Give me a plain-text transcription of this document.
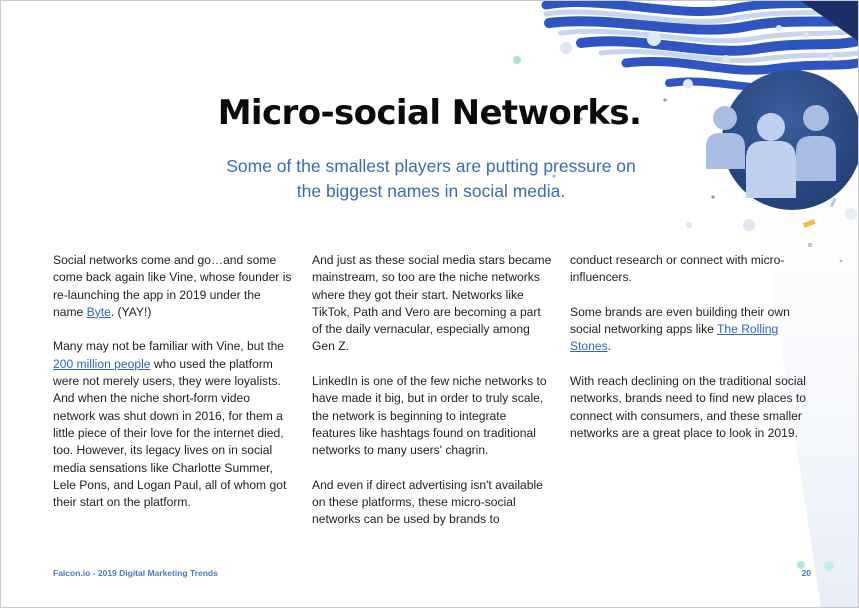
Micro-social Networks.
Some of the smallest players are putting pressure on
the biggest names in social media.

Social networks come and go…and some come back again like Vine, whose founder is re-launching the app in 2019 under the name Byte. (YAY!)

Many may not be familiar with Vine, but the 200 million people who used the platform were not merely users, they were loyalists. And when the niche short-form video network was shut down in 2016, for them a little piece of their love for the internet died, too. However, its legacy lives on in social media sensations like Charlotte Summer, Lele Pons, and Logan Paul, all of whom got their start on the platform.

And just as these social media stars became mainstream, so too are the niche networks where they got their start. Networks like TikTok, Path and Vero are becoming a part of the daily vernacular, especially among Gen Z.

LinkedIn is one of the few niche networks to have made it big, but in order to truly scale, the network is beginning to integrate features like hashtags found on traditional networks to many users' chagrin.

And even if direct advertising isn't available on these platforms, these micro-social networks can be used by brands to

conduct research or connect with micro-influencers.

Some brands are even building their own social networking apps like The Rolling Stones.

With reach declining on the traditional social networks, brands need to find new places to connect with consumers, and these smaller networks are a great place to look in 2019.

Falcon.io - 2019 Digital Marketing Trends	20
